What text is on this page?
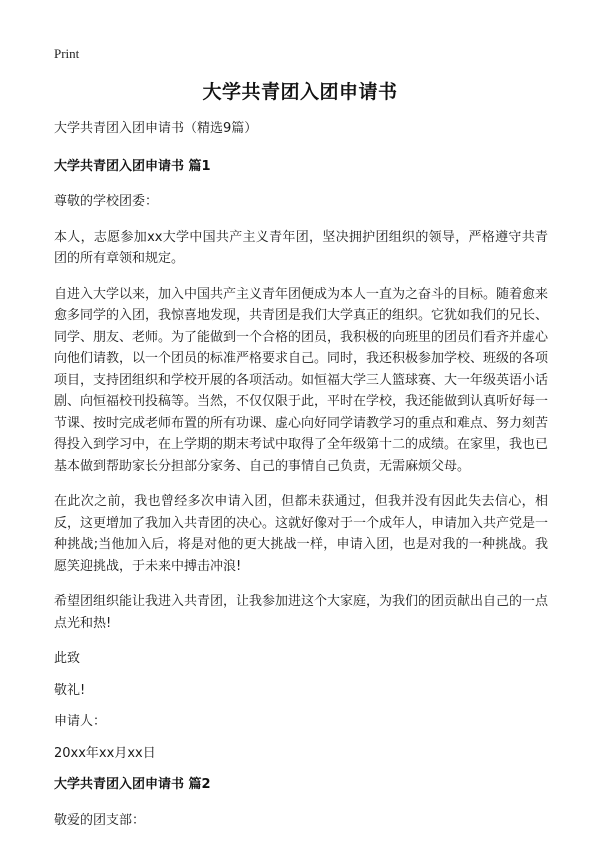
Print
大学共青团入团申请书
大学共青团入团申请书（精选9篇）
大学共青团入团申请书 篇1
尊敬的学校团委：
本人，志愿参加xx大学中国共产主义青年团，坚决拥护团组织的领导，严格遵守共青团的所有章领和规定。
自进入大学以来，加入中国共产主义青年团便成为本人一直为之奋斗的目标。随着愈来愈多同学的入团，我惊喜地发现，共青团是我们大学真正的组织。它犹如我们的兄长、同学、朋友、老师。为了能做到一个合格的团员，我积极的向班里的团员们看齐并虚心向他们请教，以一个团员的标准严格要求自己。同时，我还积极参加学校、班级的各项项目，支持团组织和学校开展的各项活动。如恒福大学三人篮球赛、大一年级英语小话剧、向恒福校刊投稿等。当然，不仅仅限于此，平时在学校，我还能做到认真听好每一节课、按时完成老师布置的所有功课、虚心向好同学请教学习的重点和难点、努力刻苦得投入到学习中，在上学期的期末考试中取得了全年级第十二的成绩。在家里，我也已基本做到帮助家长分担部分家务、自己的事情自己负责，无需麻烦父母。
在此次之前，我也曾经多次申请入团，但都未获通过，但我并没有因此失去信心，相反，这更增加了我加入共青团的决心。这就好像对于一个成年人，申请加入共产党是一种挑战;当他加入后，将是对他的更大挑战一样，申请入团，也是对我的一种挑战。我愿笑迎挑战，于未来中搏击冲浪!
希望团组织能让我进入共青团，让我参加进这个大家庭，为我们的团贡献出自己的一点点光和热!
此致
敬礼!
申请人：
20xx年xx月xx日
大学共青团入团申请书 篇2
敬爱的团支部：
